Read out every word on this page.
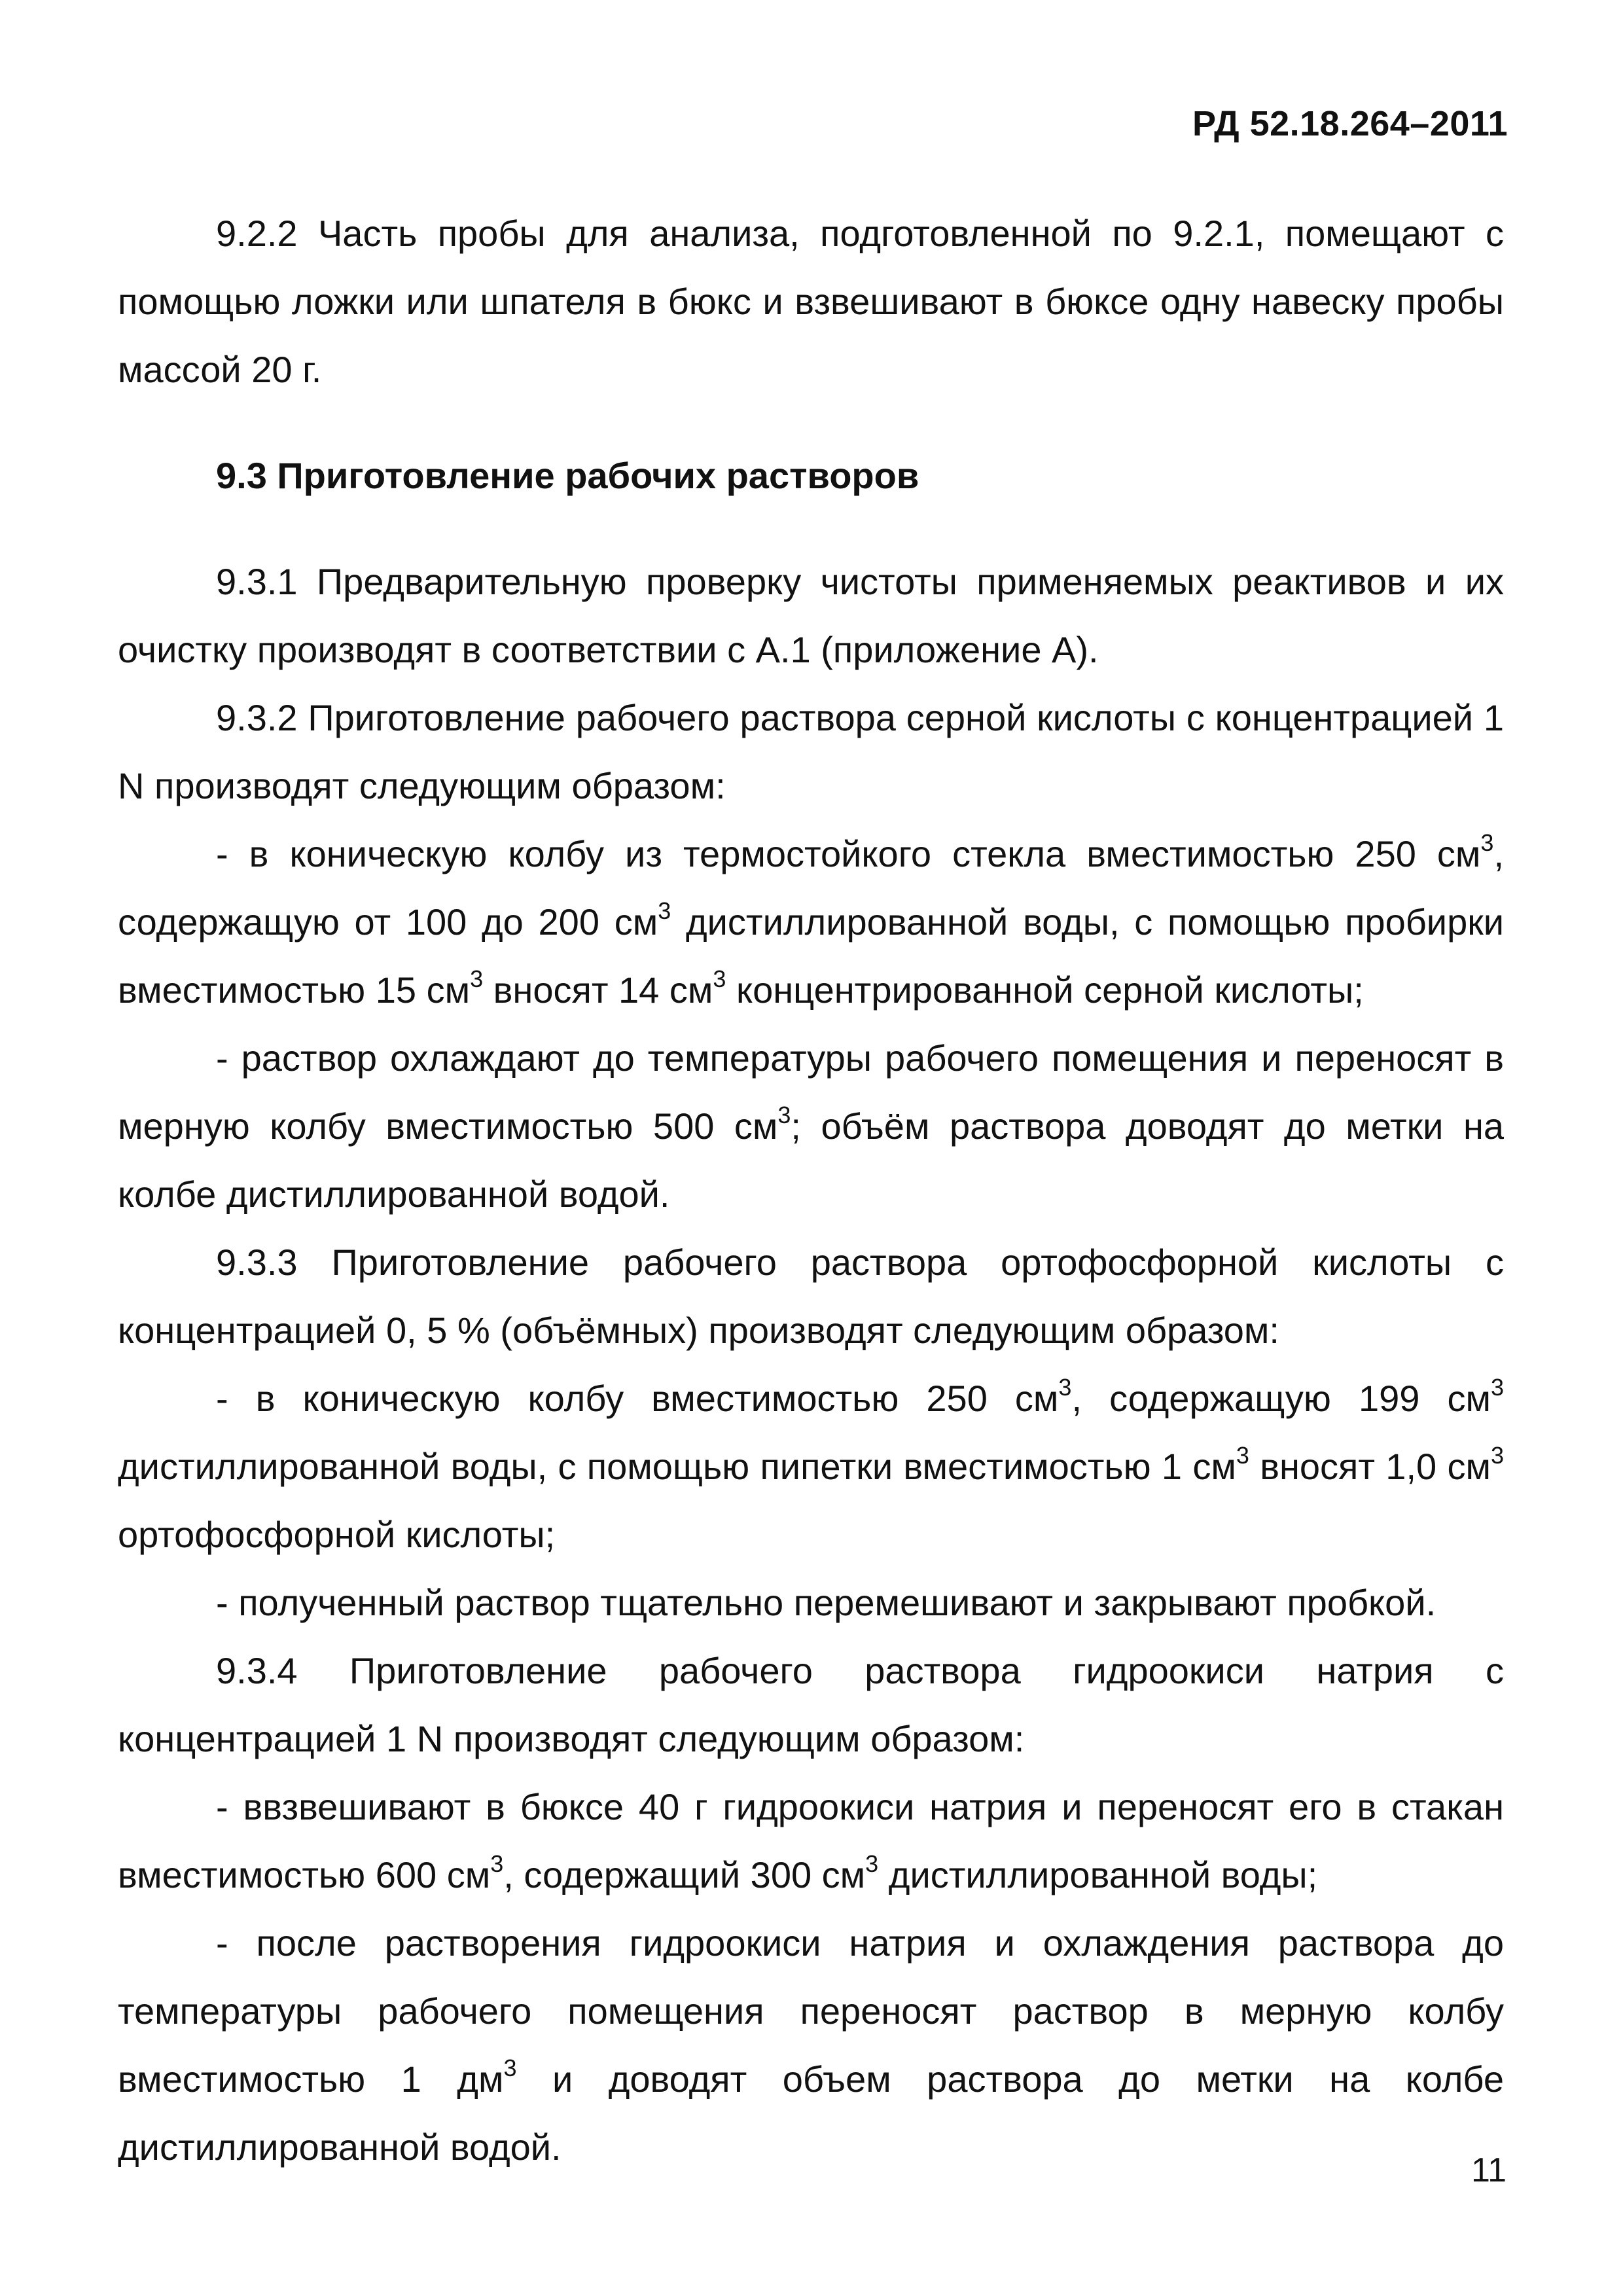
РД 52.18.264–2011

9.2.2 Часть пробы для анализа, подготовленной по 9.2.1, помещают с помощью ложки или шпателя в бюкс и взвешивают в бюксе одну навеску пробы массой 20 г.

9.3 Приготовление рабочих растворов

9.3.1 Предварительную проверку чистоты применяемых реактивов и их очистку производят в соответствии с А.1 (приложение А).

9.3.2 Приготовление рабочего раствора серной кислоты с концентрацией 1 N производят следующим образом:

- в коническую колбу из термостойкого стекла вместимостью 250 $см^3$, содержащую от 100 до 200 $см^3$ дистиллированной воды, с помощью пробирки вместимостью 15 $см^3$ вносят 14 $см^3$ концентрированной серной кислоты;

- раствор охлаждают до температуры рабочего помещения и переносят в мерную колбу вместимостью 500 $см^3$; объём раствора доводят до метки на колбе дистиллированной водой.

9.3.3 Приготовление рабочего раствора ортофосфорной кислоты с концентрацией 0, 5 % (объёмных) производят следующим образом:

- в коническую колбу вместимостью 250 $см^3$, содержащую 199 $см^3$ дистиллированной воды, с помощью пипетки вместимостью 1 $см^3$ вносят 1,0 $см^3$ ортофосфорной кислоты;

- полученный раствор тщательно перемешивают и закрывают пробкой.

9.3.4 Приготовление рабочего раствора гидроокиси натрия с концентрацией 1 N производят следующим образом:

- ввзвешивают в бюксе 40 г гидроокиси натрия и переносят его в стакан вместимостью 600 $см^3$, содержащий 300 $см^3$ дистиллированной воды;

- после растворения гидроокиси натрия и охлаждения раствора до температуры рабочего помещения переносят раствор в мерную колбу вместимостью 1 $дм^3$ и доводят объем раствора до метки на колбе дистиллированной водой.

11
